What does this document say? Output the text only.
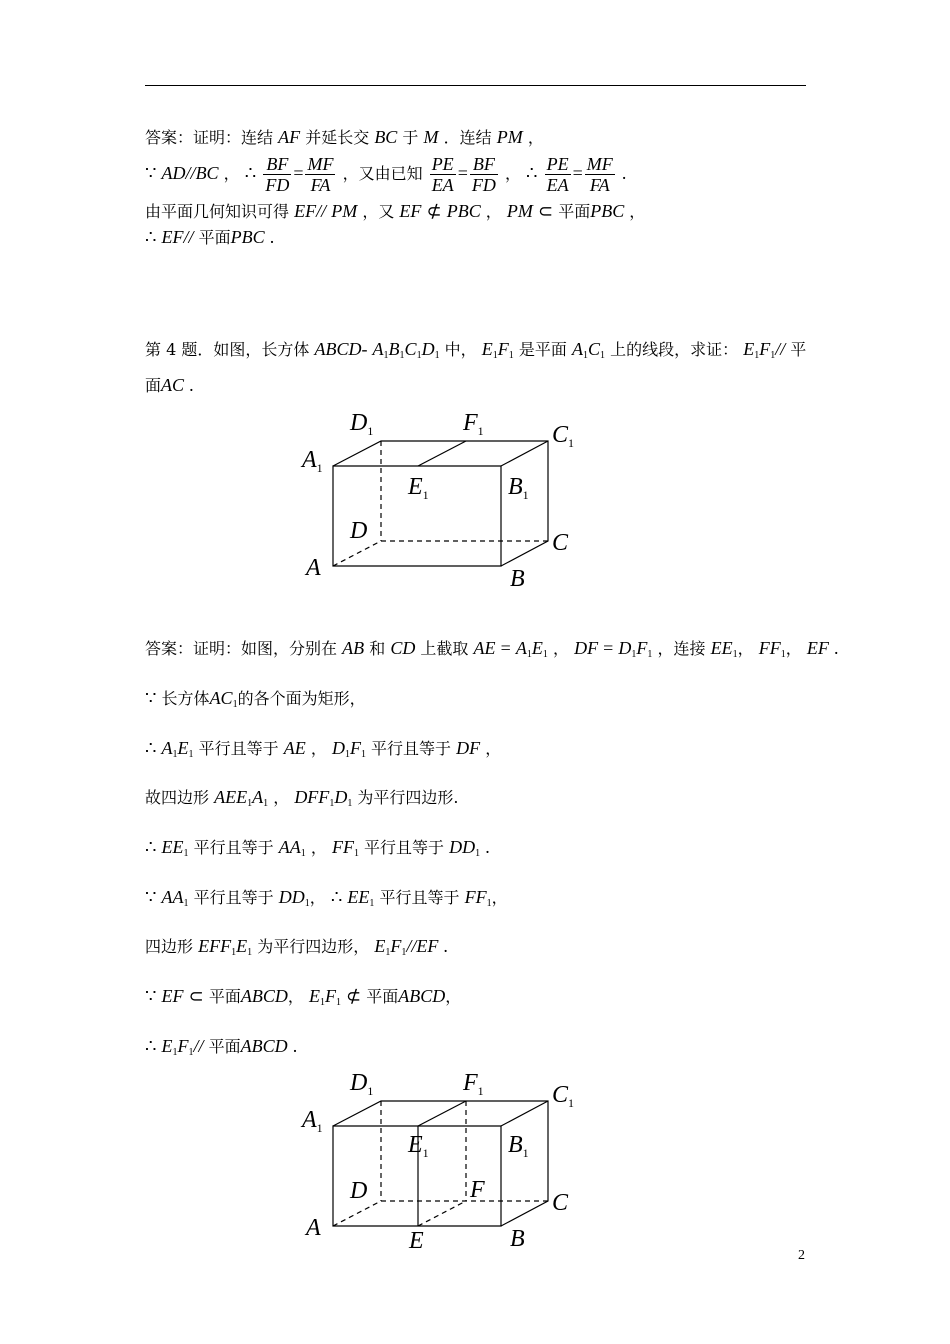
答案：证明：连结 AF 并延长交 BC 于 M ．连结 PM ，
∵ AD//BC ， ∴ $\frac{BF}{FD} = \frac{MF}{FA}$ ，又由已知 $\frac{PE}{EA} = \frac{BF}{FD}$ ， ∴ $\frac{PE}{EA} = \frac{MF}{FA}$ .
由平面几何知识可得 EF// PM ，又 EF ⊄ PBC ， PM ⊂ 平面PBC ，
∴ EF// 平面PBC .
第 4 题．如图，长方体 ABCD- $A_1B_1C_1D_1$ 中， $E_1F_1$ 是平面 $A_1C_1$ 上的线段，求证： $E_1F_1//$ 平
面AC .
$D_1$	$F_1$	$C_1$
$A_1$
$E_1$	$B_1$
D	C
A	B
答案：证明：如图，分别在 AB 和 CD 上截取 AE = $A_1E_1$ ， DF = $D_1F_1$ ，连接 $EE_1$， $FF_1$， EF .
∵ 长方体$AC_1$的各个面为矩形，
∴ $A_1E_1$ 平行且等于 AE ， $D_1F_1$ 平行且等于 DF ，
故四边形 $AEE_1A_1$ ， $DFF_1D_1$ 为平行四边形.
∴ $EE_1$ 平行且等于 $AA_1$ ， $FF_1$ 平行且等于 $DD_1$ .
∵ $AA_1$ 平行且等于 $DD_1$， ∴ $EE_1$ 平行且等于 $FF_1$，
四边形 $EFF_1E_1$ 为平行四边形， $E_1F_1//EF$ .
∵ EF ⊂ 平面ABCD， $E_1F_1$ ⊄ 平面ABCD，
∴ $E_1F_1//$ 平面ABCD .
$D_1$	$F_1$	$C_1$
$A_1$
$E_1$	$B_1$
D	F	C
A	E	B
2
